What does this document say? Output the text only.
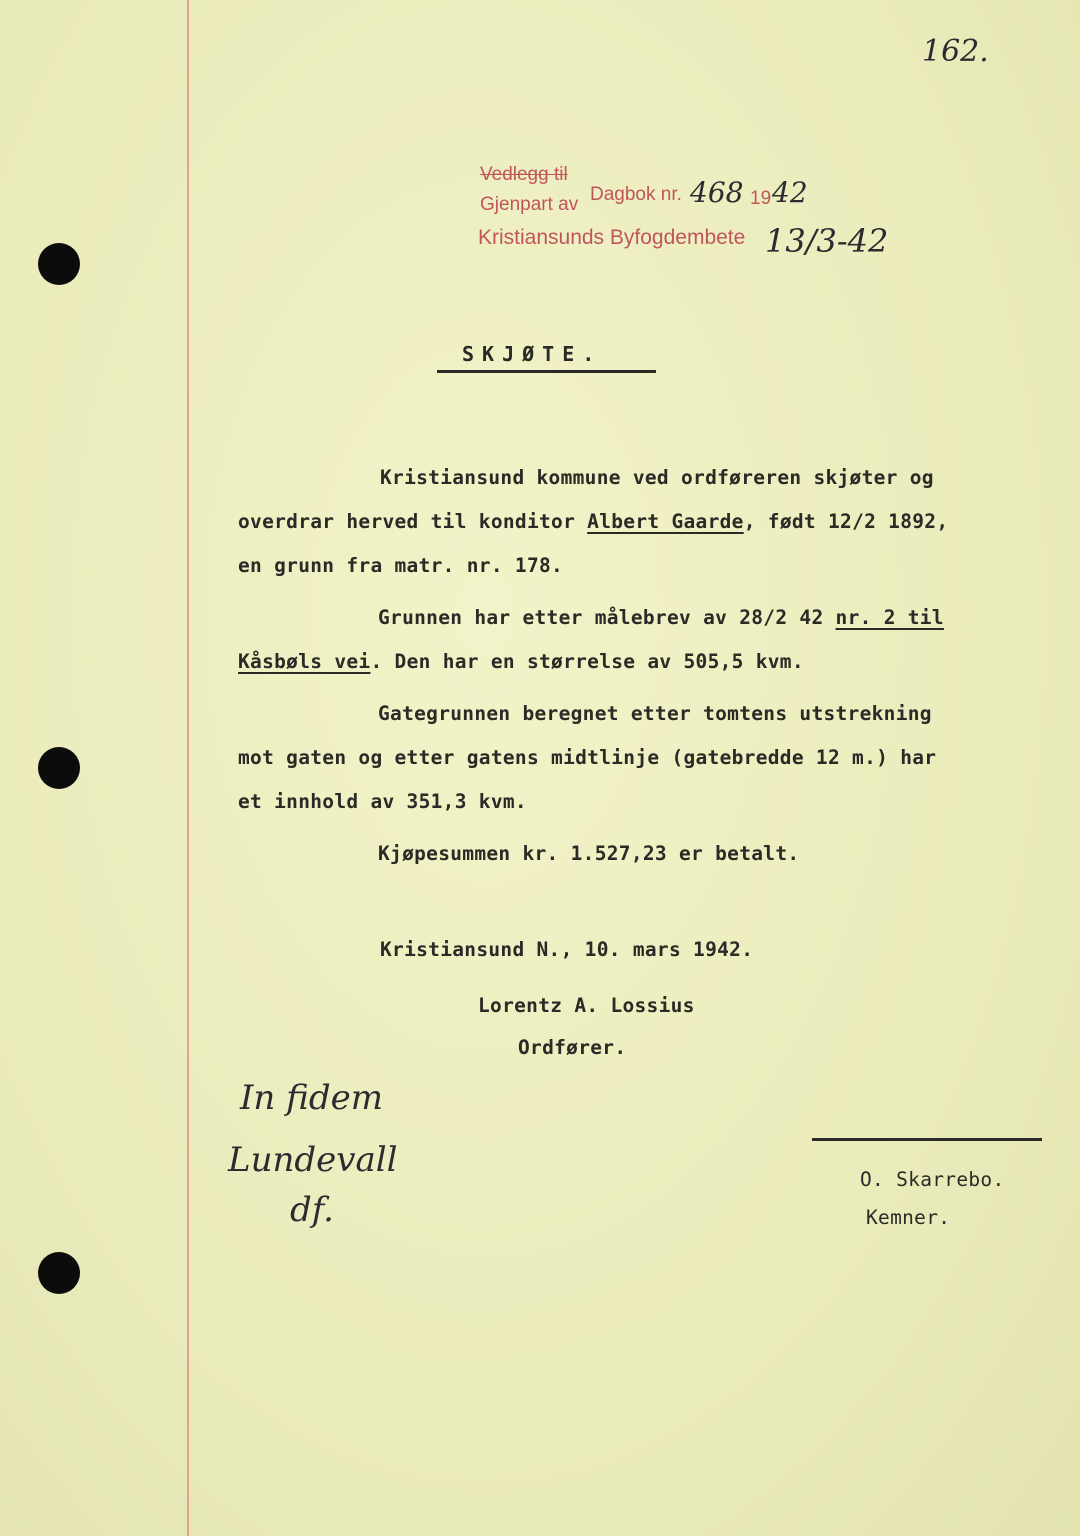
162.
Vedlegg til
Gjenpart av Dagbok nr. 468 19 42
Kristiansunds Byfogdembete 13/3-42
SKJØTE.
Kristiansund kommune ved ordføreren skjøter og
overdrar herved til konditor Albert Gaarde, født 12/2 1892,
en grunn fra matr. nr. 178.
Grunnen har etter målebrev av 28/2 42 nr. 2 til
Kåsbøls vei. Den har en størrelse av 505,5 kvm.
Gategrunnen beregnet etter tomtens utstrekning
mot gaten og etter gatens midtlinje (gatebredde 12 m.) har
et innhold av 351,3 kvm.
Kjøpesummen kr. 1.527,23 er betalt.
Kristiansund N., 10. mars 1942.
Lorentz A. Lossius
Ordfører.
In fidem
Lundevall
df.
O. Skarrebo.
Kemner.
